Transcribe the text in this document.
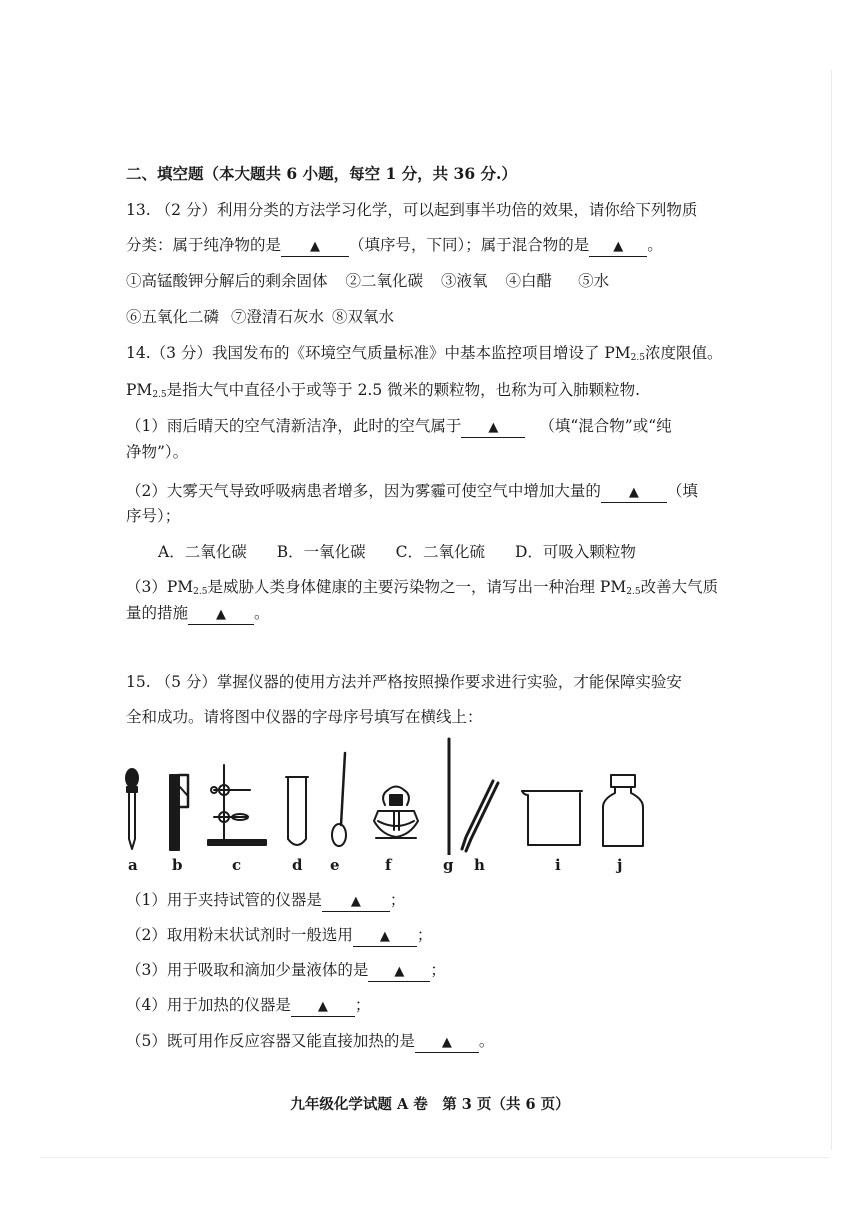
二、填空题（本大题共 6 小题，每空 1 分，共 36 分.）
13. （2 分）利用分类的方法学习化学，可以起到事半功倍的效果，请你给下列物质
分类：属于纯净物的是 ▲ （填序号，下同）；属于混合物的是 ▲ 。
①高锰酸钾分解后的剩余固体 ②二氧化碳 ③液氧 ④白醋 ⑤水
⑥五氧化二磷 ⑦澄清石灰水 ⑧双氧水
14.（3 分）我国发布的《环境空气质量标准》中基本监控项目增设了 $PM_{2.5}$浓度限值。
$PM_{2.5}$是指大气中直径小于或等于 2.5 微米的颗粒物，也称为可入肺颗粒物.
（1）雨后晴天的空气清新洁净，此时的空气属于 ▲	（填“混合物”或“纯
净物”）。
（2）大雾天气导致呼吸病患者增多，因为雾霾可使空气中增加大量的 ▲ （填
序号）；
A．二氧化碳 B．一氧化碳 C．二氧化硫 D．可吸入颗粒物
$(3)PM_{2.5}$是威胁人类身体健康的主要污染物之一，请写出一种治理 $PM_{2.5}$改善大气质
量的措施 ▲ 。
15. （5 分）掌握仪器的使用方法并严格按照操作要求进行实验，才能保障实验安
全和成功。请将图中仪器的字母序号填写在横线上：
a b	c	d e	f	g h	i	j
（1）用于夹持试管的仪器是 ▲ ；
（2）取用粉末状试剂时一般选用 ▲ ；
（3）用于吸取和滴加少量液体的是 ▲ ；
（4）用于加热的仪器是 ▲ ；
（5）既可用作反应容器又能直接加热的是 ▲ 。
九年级化学试题 A 卷　第 3 页（共 6 页）
